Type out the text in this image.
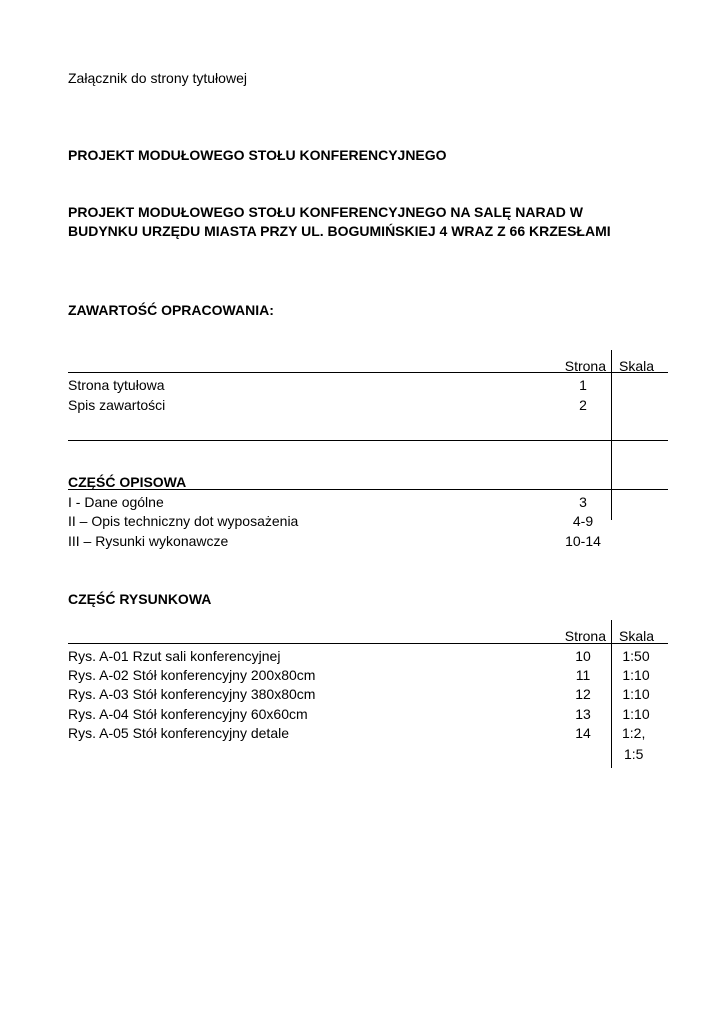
Załącznik do strony tytułowej
PROJEKT MODUŁOWEGO STOŁU KONFERENCYJNEGO
PROJEKT MODUŁOWEGO STOŁU KONFERENCYJNEGO NA SALĘ NARAD W
BUDYNKU URZĘDU MIASTA PRZY UL. BOGUMIŃSKIEJ 4 WRAZ Z 66 KRZESŁAMI
ZAWARTOŚĆ OPRACOWANIA:
Strona Skala
Strona tytułowa	1
Spis zawartości	2
CZĘŚĆ OPISOWA
I - Dane ogólne	3
II – Opis techniczny dot wyposażenia	4-9
III – Rysunki wykonawcze	10-14
CZĘŚĆ RYSUNKOWA
Strona Skala
Rys. A-01 Rzut sali konferencyjnej	10	1:50
Rys. A-02 Stół konferencyjny 200x80cm	11	1:10
Rys. A-03 Stół konferencyjny 380x80cm	12	1:10
Rys. A-04 Stół konferencyjny 60x60cm	13	1:10
Rys. A-05 Stół konferencyjny detale	14	1:2,
1:5
